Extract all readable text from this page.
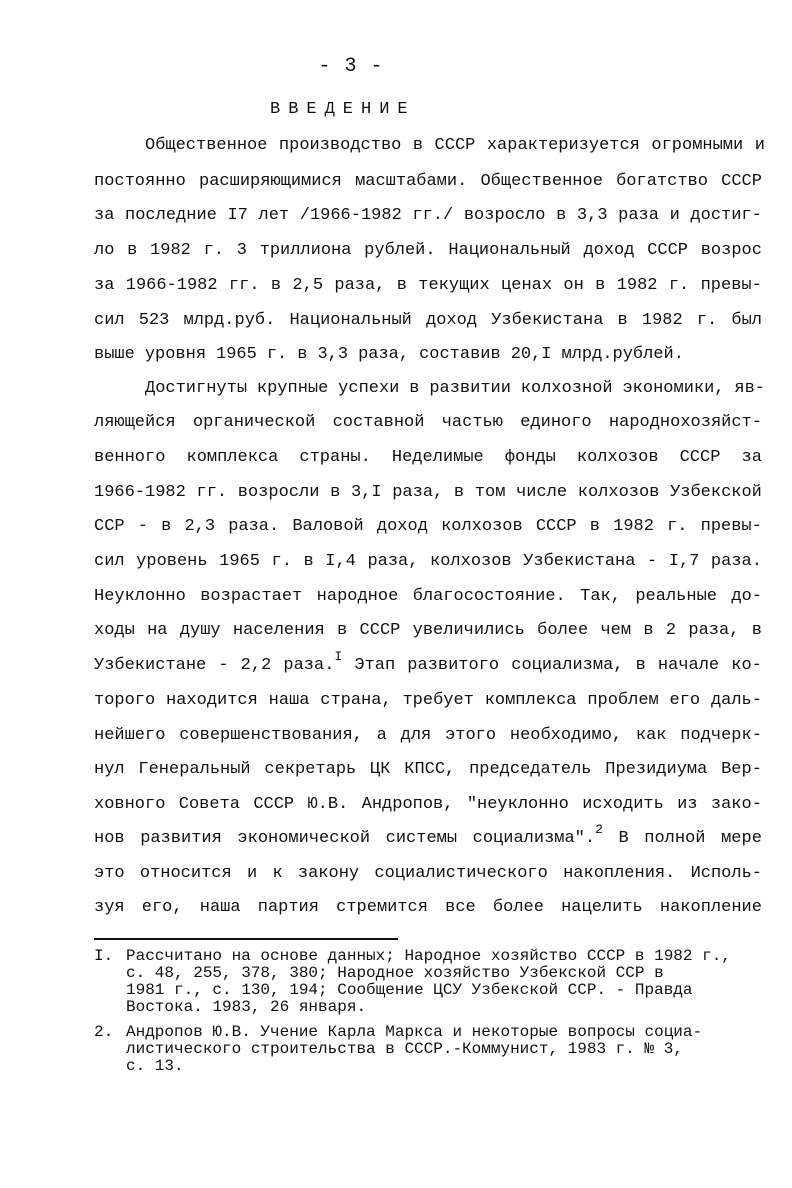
- 3 -
ВВЕДЕНИЕ
Общественное производство в СССР характеризуется огромными и
постоянно расширяющимися масштабами. Общественное богатство СССР
за последние I7 лет /1966-1982 гг./ возросло в 3,3 раза и достиг-
ло в 1982 г. 3 триллиона рублей. Национальный доход СССР возрос
за 1966-1982 гг. в 2,5 раза, в текущих ценах он в 1982 г. превы-
сил 523 млрд.руб. Национальный доход Узбекистана в 1982 г. был
выше уровня 1965 г. в 3,3 раза, составив 20,I млрд.рублей.
Достигнуты крупные успехи в развитии колхозной экономики, яв-
ляющейся органической составной частью единого народнохозяйст-
венного комплекса страны. Неделимые фонды колхозов СССР за
1966-1982 гг. возросли в 3,I раза, в том числе колхозов Узбекской
ССР - в 2,3 раза. Валовой доход колхозов СССР в 1982 г. превы-
сил уровень 1965 г. в I,4 раза, колхозов Узбекистана - I,7 раза.
Неуклонно возрастает народное благосостояние. Так, реальные до-
ходы на душу населения в СССР увеличились более чем в 2 раза, в
Узбекистане - 2,2 раза.$^I$ Этап развитого социализма, в начале ко-
торого находится наша страна, требует комплекса проблем его даль-
нейшего совершенствования, а для этого необходимо, как подчерк-
нул Генеральный секретарь ЦК КПСС, председатель Президиума Вер-
ховного Совета СССР Ю.В. Андропов, "неуклонно исходить из зако-
нов развития экономической системы социализма".$^2$ В полной мере
это относится и к закону социалистического накопления. Исполь-
зуя его, наша партия стремится все более нацелить накопление
I. Рассчитано на основе данных; Народное хозяйство СССР в 1982 г.,
с. 48, 255, 378, 380; Народное хозяйство Узбекской ССР в
1981 г., с. 130, 194; Сообщение ЦСУ Узбекской ССР. - Правда
Востока. 1983, 26 января.
2. Андропов Ю.В. Учение Карла Маркса и некоторые вопросы социа-
листического строительства в СССР.-Коммунист, 1983 г. № 3,
с. 13.
